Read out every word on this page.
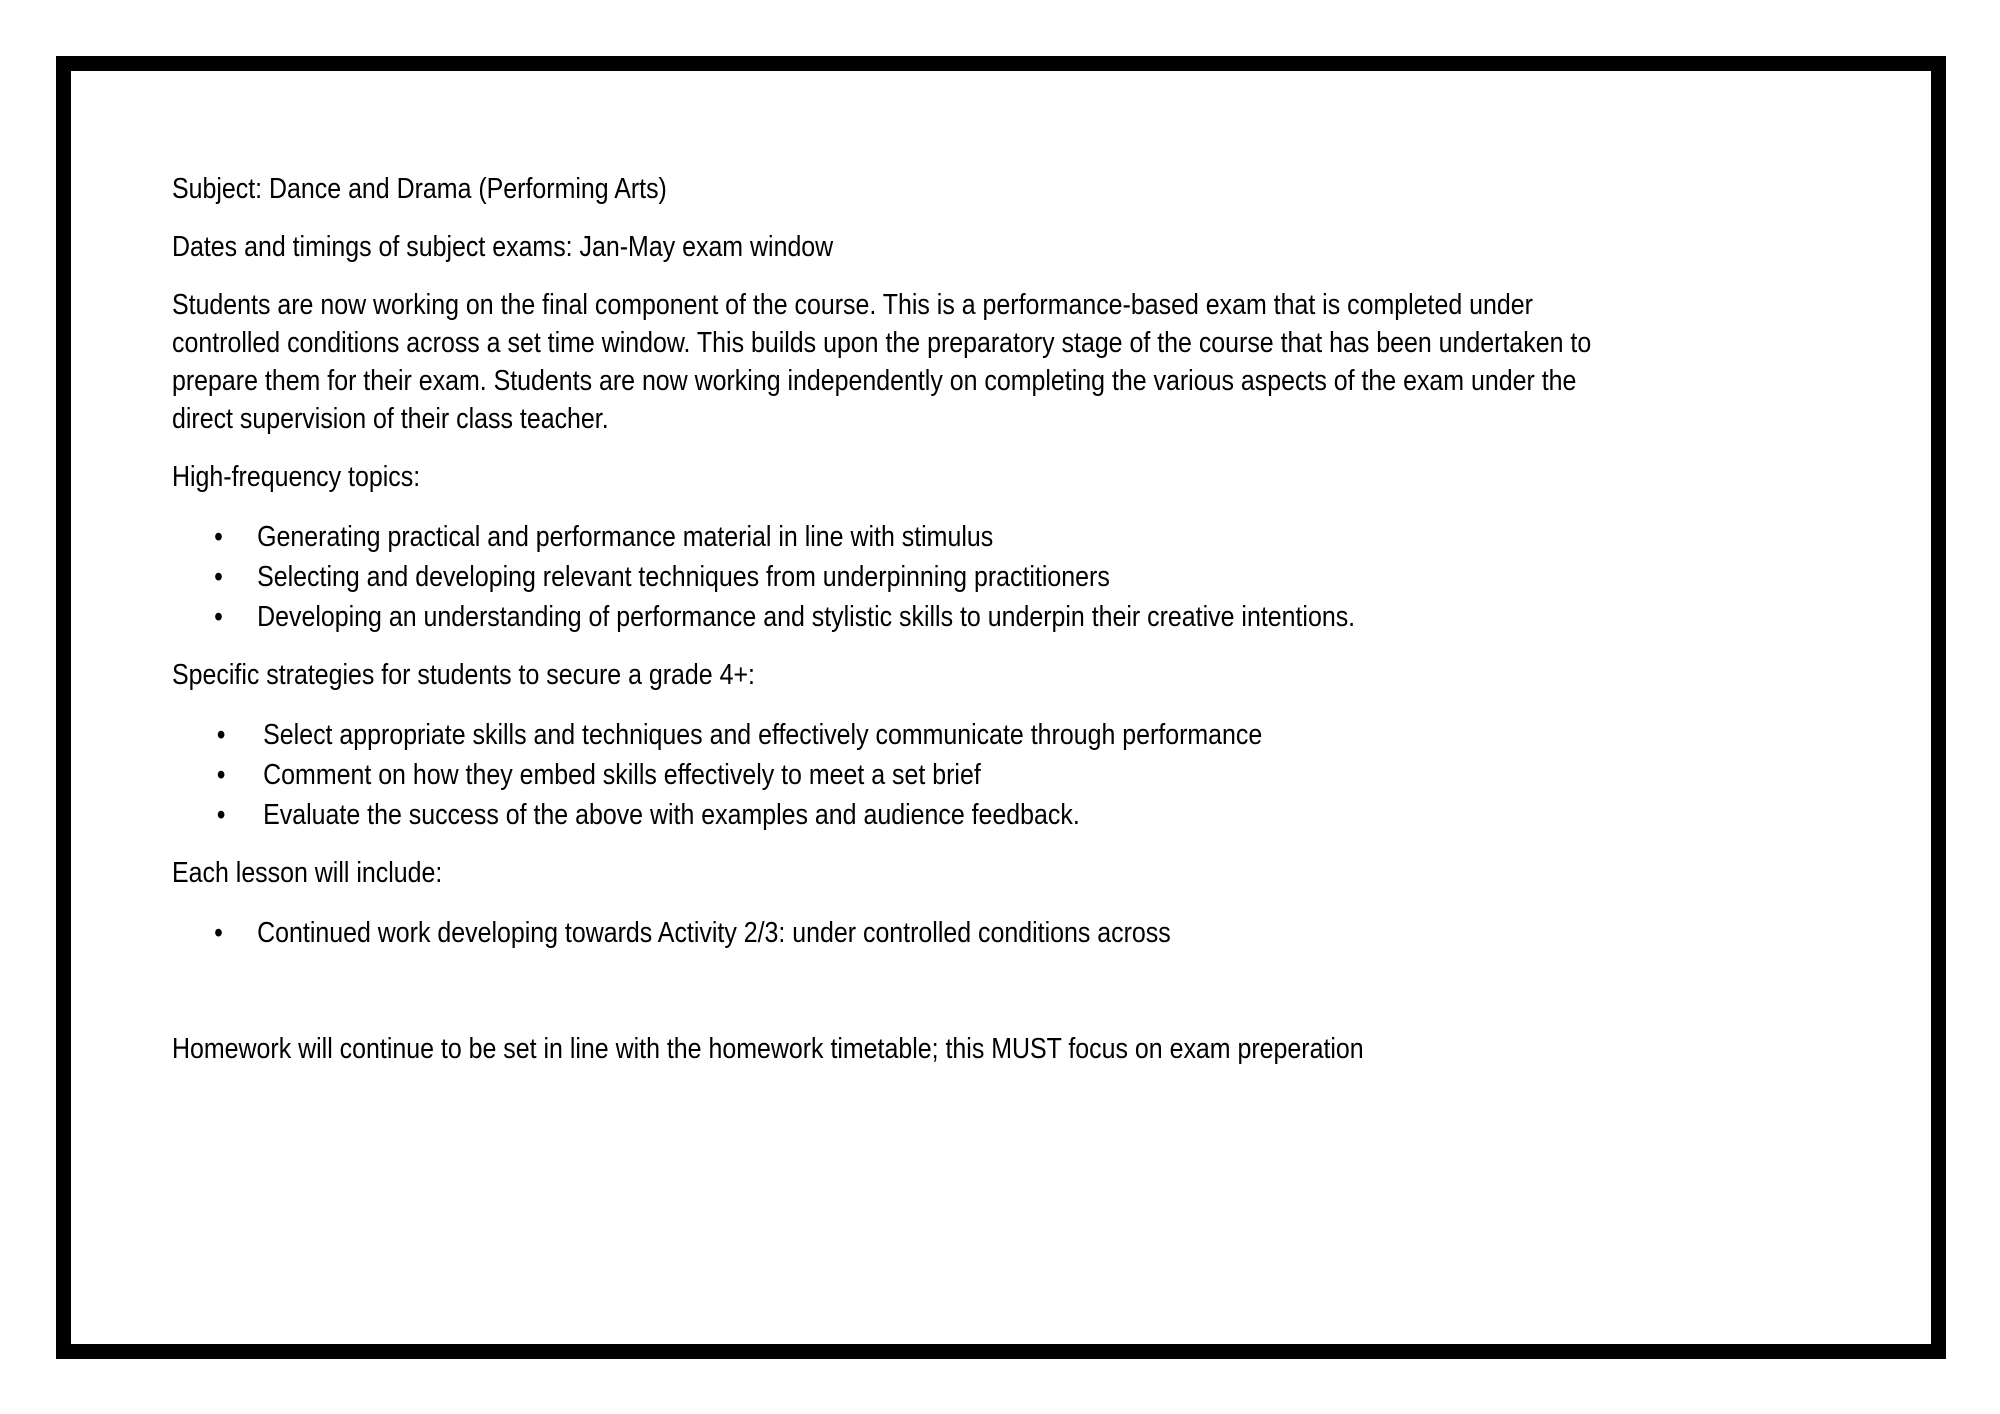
Subject: Dance and Drama (Performing Arts)

Dates and timings of subject exams: Jan-May exam window

Students are now working on the final component of the course. This is a performance-based exam that is completed under controlled conditions across a set time window. This builds upon the preparatory stage of the course that has been undertaken to prepare them for their exam. Students are now working independently on completing the various aspects of the exam under the direct supervision of their class teacher.

High-frequency topics:

• Generating practical and performance material in line with stimulus
• Selecting and developing relevant techniques from underpinning practitioners
• Developing an understanding of performance and stylistic skills to underpin their creative intentions.

Specific strategies for students to secure a grade 4+:

• Select appropriate skills and techniques and effectively communicate through performance
• Comment on how they embed skills effectively to meet a set brief
• Evaluate the success of the above with examples and audience feedback.

Each lesson will include:

• Continued work developing towards Activity 2/3: under controlled conditions across

Homework will continue to be set in line with the homework timetable; this MUST focus on exam preperation
